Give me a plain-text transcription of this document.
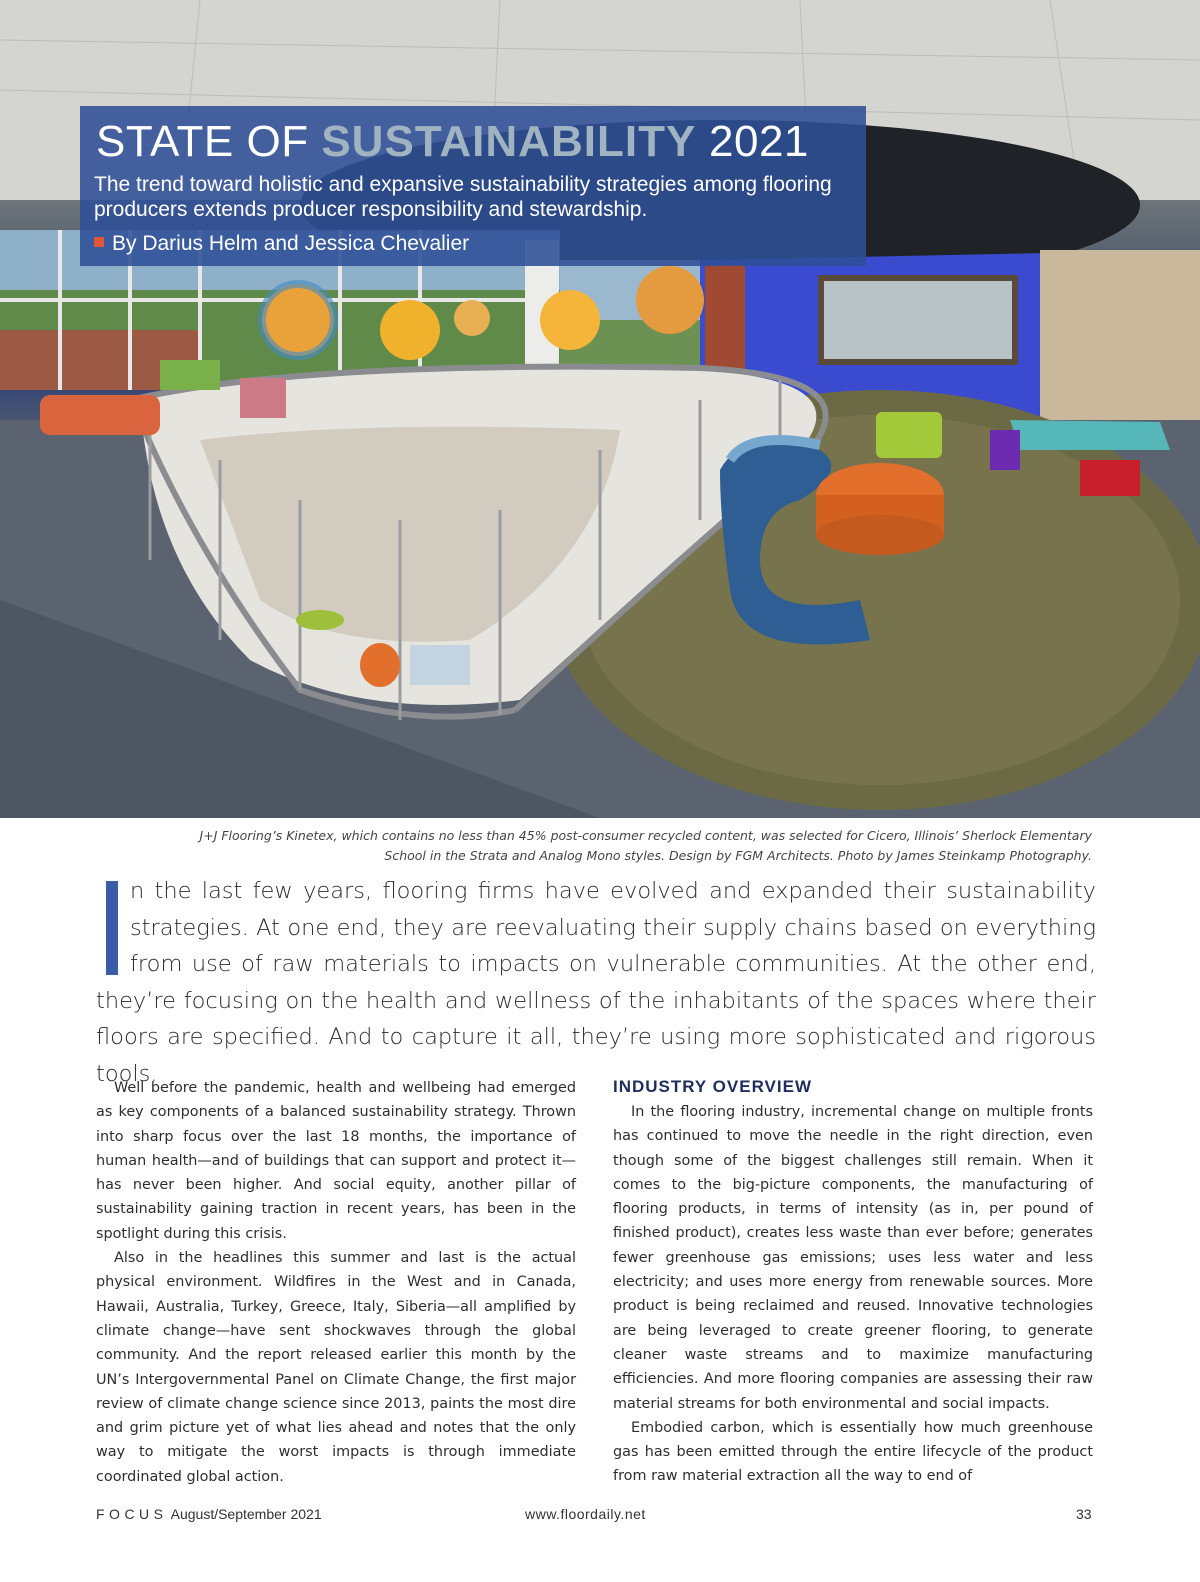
STATE OF SUSTAINABILITY 2021

The trend toward holistic and expansive sustainability strategies among flooring producers extends producer responsibility and stewardship.

By Darius Helm and Jessica Chevalier

J+J Flooring’s Kinetex, which contains no less than 45% post-consumer recycled content, was selected for Cicero, Illinois’ Sherlock Elementary School in the Strata and Analog Mono styles. Design by FGM Architects. Photo by James Steinkamp Photography.

n the last few years, flooring firms have evolved and expanded their sustainability strategies. At one end, they are reevaluating their supply chains based on everything from use of raw materials to impacts on vulnerable communities. At the other end, they’re focusing on the health and wellness of the inhabitants of the spaces where their floors are specified. And to capture it all, they’re using more sophisticated and rigorous tools.

Well before the pandemic, health and wellbeing had emerged as key components of a balanced sustainability strategy. Thrown into sharp focus over the last 18 months, the importance of human health—and of buildings that can support and protect it—has never been higher. And social equity, another pillar of sustainability gaining traction in recent years, has been in the spotlight during this crisis.

Also in the headlines this summer and last is the actual physical environment. Wildfires in the West and in Canada, Hawaii, Australia, Turkey, Greece, Italy, Siberia—all amplified by climate change—have sent shockwaves through the global community. And the report released earlier this month by the UN’s Intergovernmental Panel on Climate Change, the first major review of climate change science since 2013, paints the most dire and grim picture yet of what lies ahead and notes that the only way to mitigate the worst impacts is through immediate coordinated global action.

INDUSTRY OVERVIEW

In the flooring industry, incremental change on multiple fronts has continued to move the needle in the right direction, even though some of the biggest challenges still remain. When it comes to the big-picture components, the manufacturing of flooring products, in terms of intensity (as in, per pound of finished product), creates less waste than ever before; generates fewer greenhouse gas emissions; uses less water and less electricity; and uses more energy from renewable sources. More product is being reclaimed and reused. Innovative technologies are being leveraged to create greener flooring, to generate cleaner waste streams and to maximize manufacturing efficiencies. And more flooring companies are assessing their raw material streams for both environmental and social impacts.

Embodied carbon, which is essentially how much greenhouse gas has been emitted through the entire lifecycle of the product from raw material extraction all the way to end of

FOCUS August/September 2021	www.floordaily.net	33
